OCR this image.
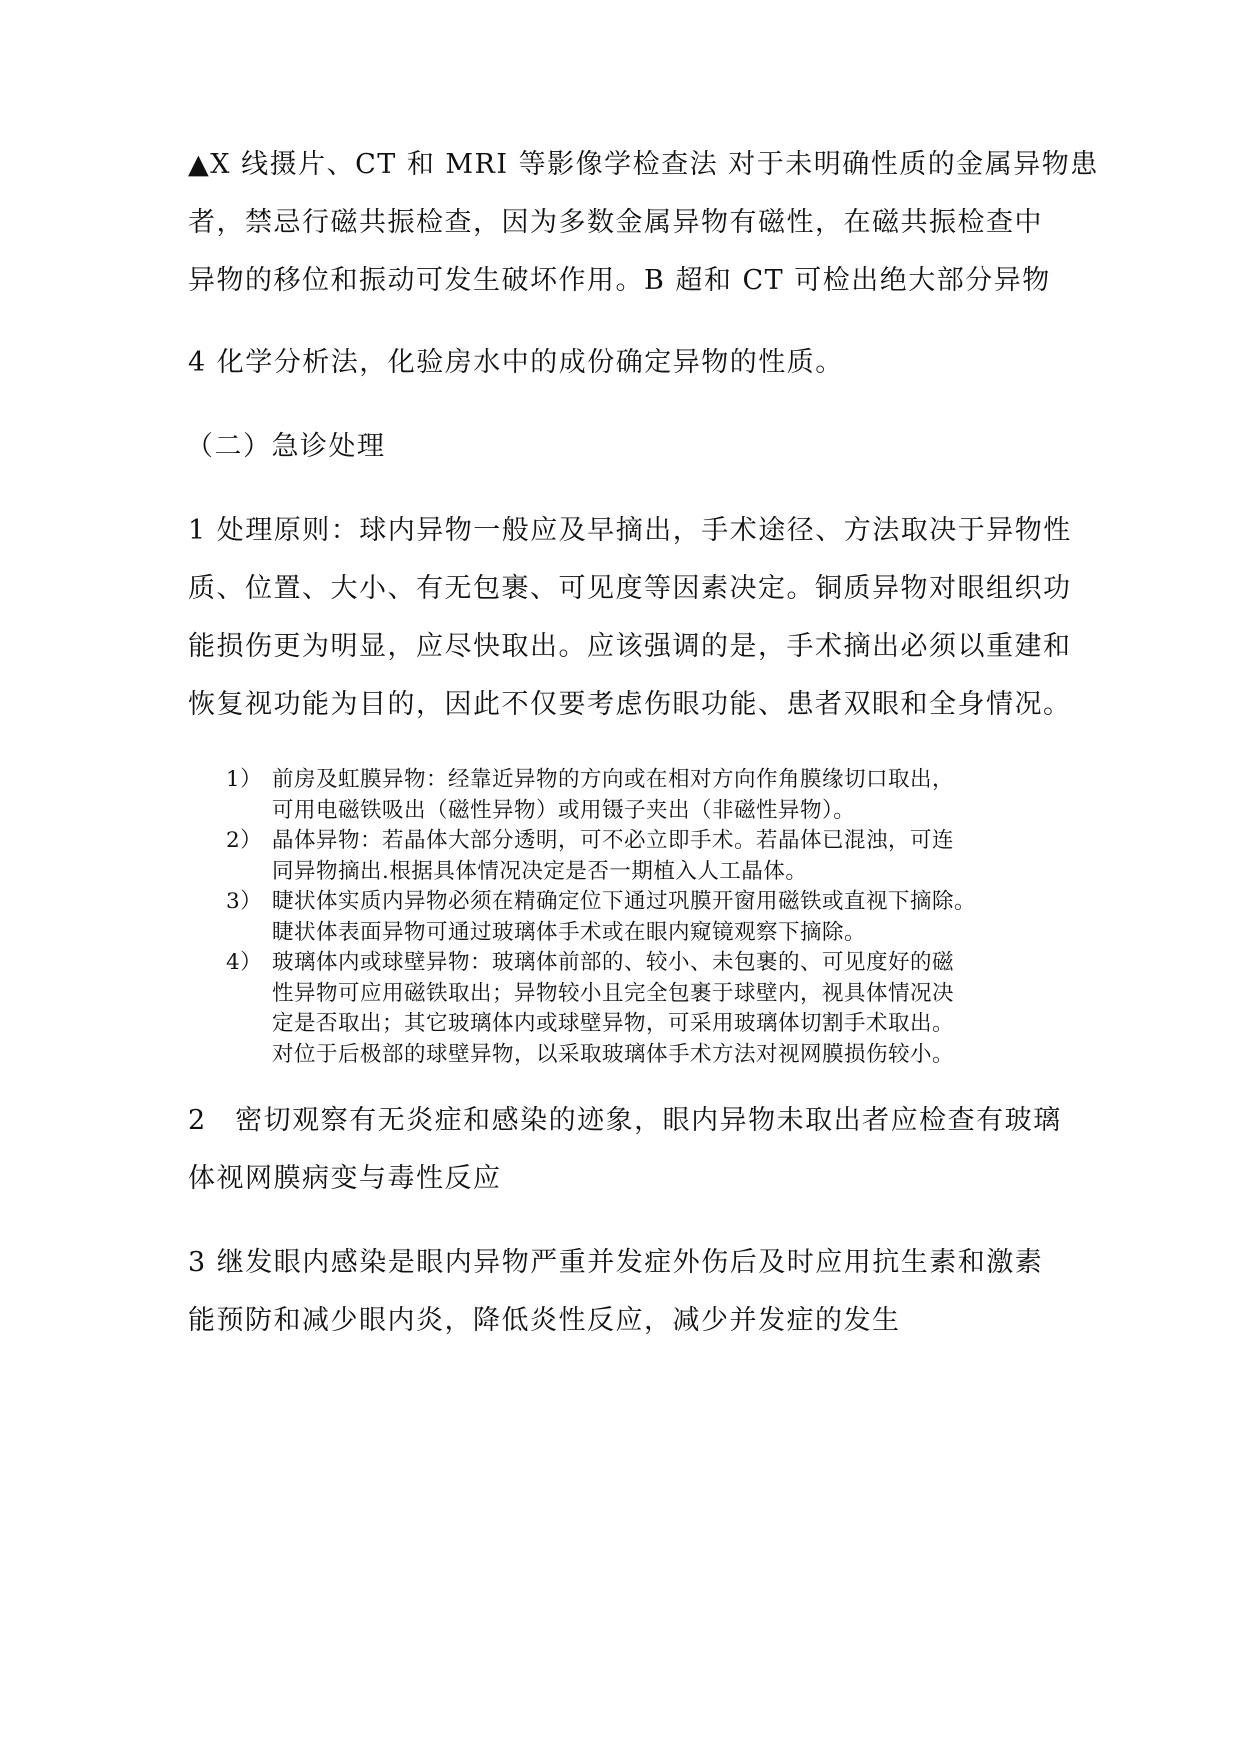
▲X 线摄片、CT 和 MRI 等影像学检查法 对于未明确性质的金属异物患
者，禁忌行磁共振检查，因为多数金属异物有磁性，在磁共振检查中
异物的移位和振动可发生破坏作用。B 超和 CT 可检出绝大部分异物
4 化学分析法，化验房水中的成份确定异物的性质。
（二）急诊处理
1 处理原则：球内异物一般应及早摘出，手术途径、方法取决于异物性
质、位置、大小、有无包裹、可见度等因素决定。铜质异物对眼组织功
能损伤更为明显，应尽快取出。应该强调的是，手术摘出必须以重建和
恢复视功能为目的，因此不仅要考虑伤眼功能、患者双眼和全身情况。
1） 前房及虹膜异物：经靠近异物的方向或在相对方向作角膜缘切口取出，
可用电磁铁吸出（磁性异物）或用镊子夹出（非磁性异物）。
2） 晶体异物：若晶体大部分透明，可不必立即手术。若晶体已混浊，可连
同异物摘出.根据具体情况决定是否一期植入人工晶体。
3） 睫状体实质内异物必须在精确定位下通过巩膜开窗用磁铁或直视下摘除。
睫状体表面异物可通过玻璃体手术或在眼内窥镜观察下摘除。
4） 玻璃体内或球壁异物：玻璃体前部的、较小、未包裹的、可见度好的磁
性异物可应用磁铁取出；异物较小且完全包裹于球壁内，视具体情况决
定是否取出；其它玻璃体内或球壁异物，可采用玻璃体切割手术取出。
对位于后极部的球壁异物，以采取玻璃体手术方法对视网膜损伤较小。
2　密切观察有无炎症和感染的迹象，眼内异物未取出者应检查有玻璃
体视网膜病变与毒性反应
3 继发眼内感染是眼内异物严重并发症外伤后及时应用抗生素和激素
能预防和减少眼内炎，降低炎性反应，减少并发症的发生
